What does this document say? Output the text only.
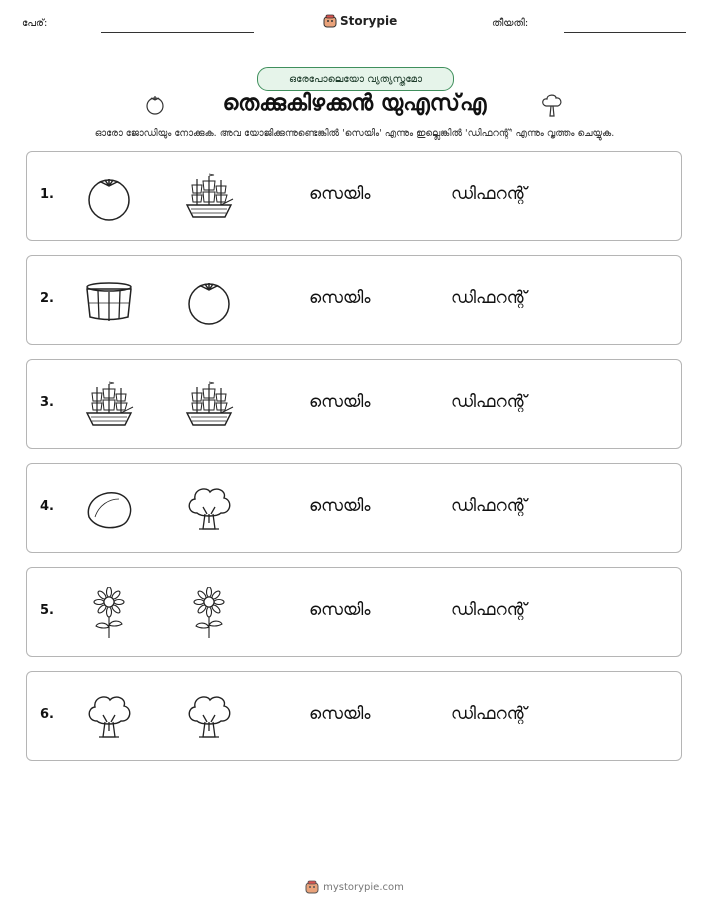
പേര്:	Storypie	തീയതി:
ഒരേപോലെയോ വ്യത്യസ്തമോ
തെക്കുകിഴക്കൻ യുഎസ്എ
ഓരോ ജോഡിയും നോക്കുക. അവ യോജിക്കുന്നുണ്ടെങ്കിൽ 'സെയിം' എന്നും ഇല്ലെങ്കിൽ 'ഡിഫറന്റ്' എന്നും വൃത്തം ചെയ്യുക.
1.	സെയിം	ഡിഫറന്റ്
2.	സെയിം	ഡിഫറന്റ്
3.	സെയിം	ഡിഫറന്റ്
4.	സെയിം	ഡിഫറന്റ്
5.	സെയിം	ഡിഫറന്റ്
6.	സെയിം	ഡിഫറന്റ്
mystorypie.com
